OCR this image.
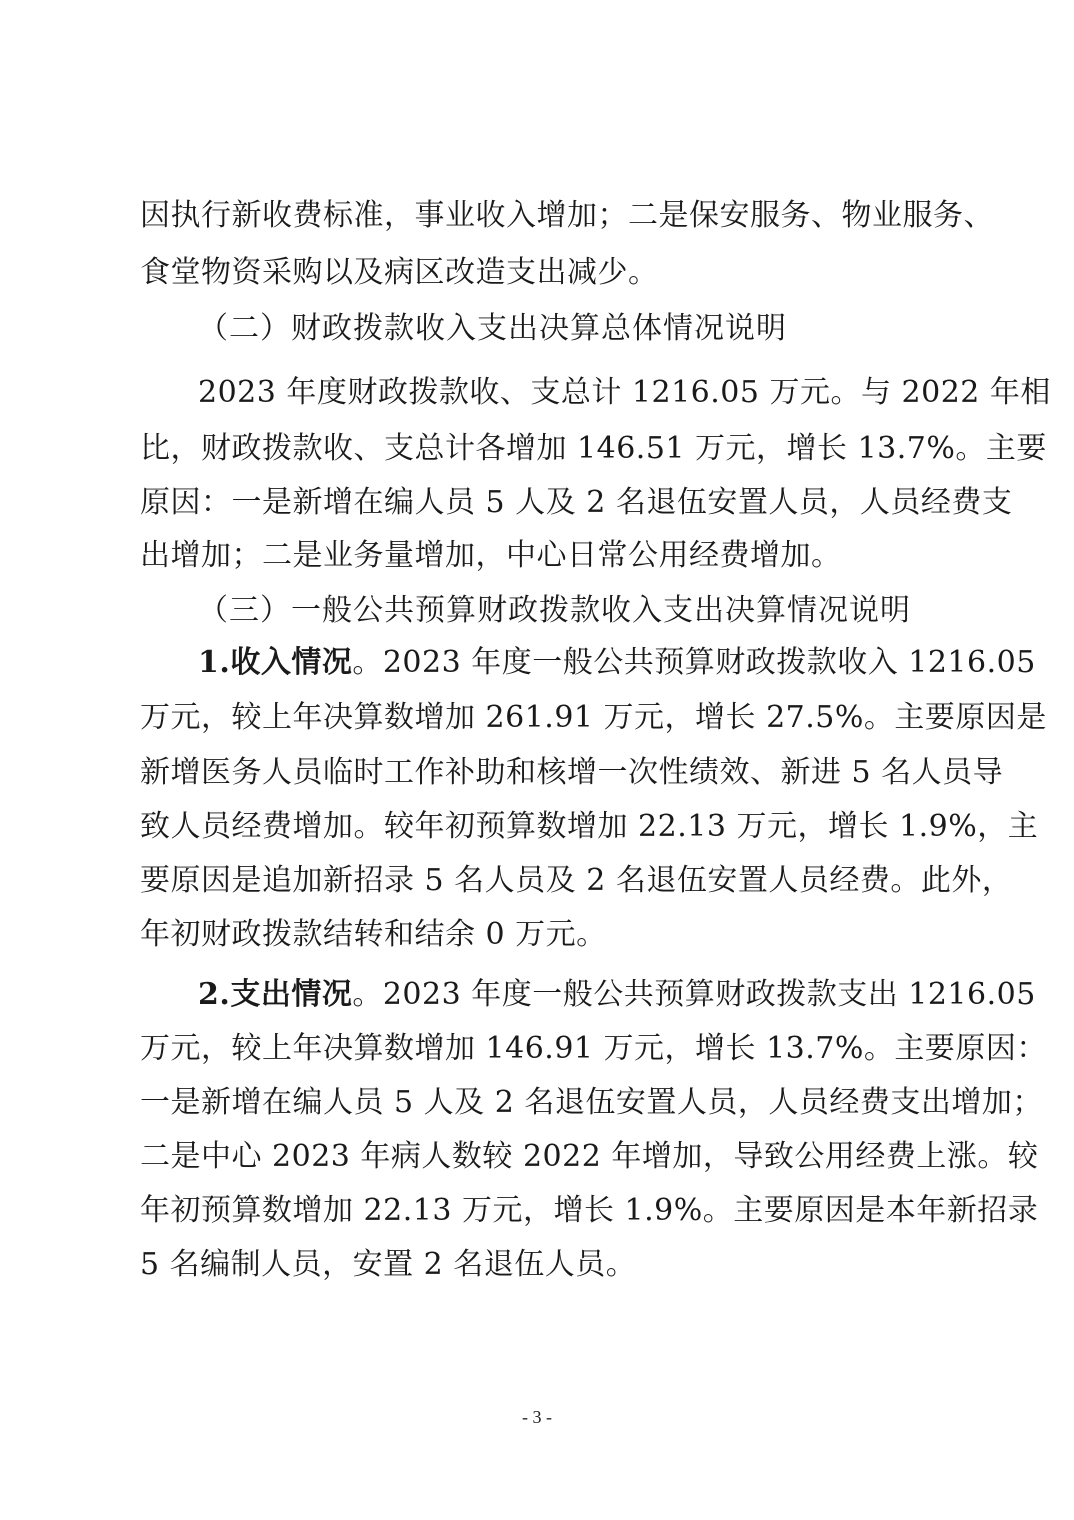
因执行新收费标准，事业收入增加；二是保安服务、物业服务、
食堂物资采购以及病区改造支出减少。
（二）财政拨款收入支出决算总体情况说明
2023 年度财政拨款收、支总计 1216.05 万元。与 2022 年相
比，财政拨款收、支总计各增加 146.51 万元，增长 13.7%。主要
原因：一是新增在编人员 5 人及 2 名退伍安置人员，人员经费支
出增加；二是业务量增加，中心日常公用经费增加。
（三）一般公共预算财政拨款收入支出决算情况说明
1.收入情况。2023 年度一般公共预算财政拨款收入 1216.05
万元，较上年决算数增加 261.91 万元，增长 27.5%。主要原因是
新增医务人员临时工作补助和核增一次性绩效、新进 5 名人员导
致人员经费增加。较年初预算数增加 22.13 万元，增长 1.9%，主
要原因是追加新招录 5 名人员及 2 名退伍安置人员经费。此外，
年初财政拨款结转和结余 0 万元。
2.支出情况。2023 年度一般公共预算财政拨款支出 1216.05
万元，较上年决算数增加 146.91 万元，增长 13.7%。主要原因：
一是新增在编人员 5 人及 2 名退伍安置人员，人员经费支出增加；
二是中心 2023 年病人数较 2022 年增加，导致公用经费上涨。较
年初预算数增加 22.13 万元，增长 1.9%。主要原因是本年新招录
5 名编制人员，安置 2 名退伍人员。
- 3 -
